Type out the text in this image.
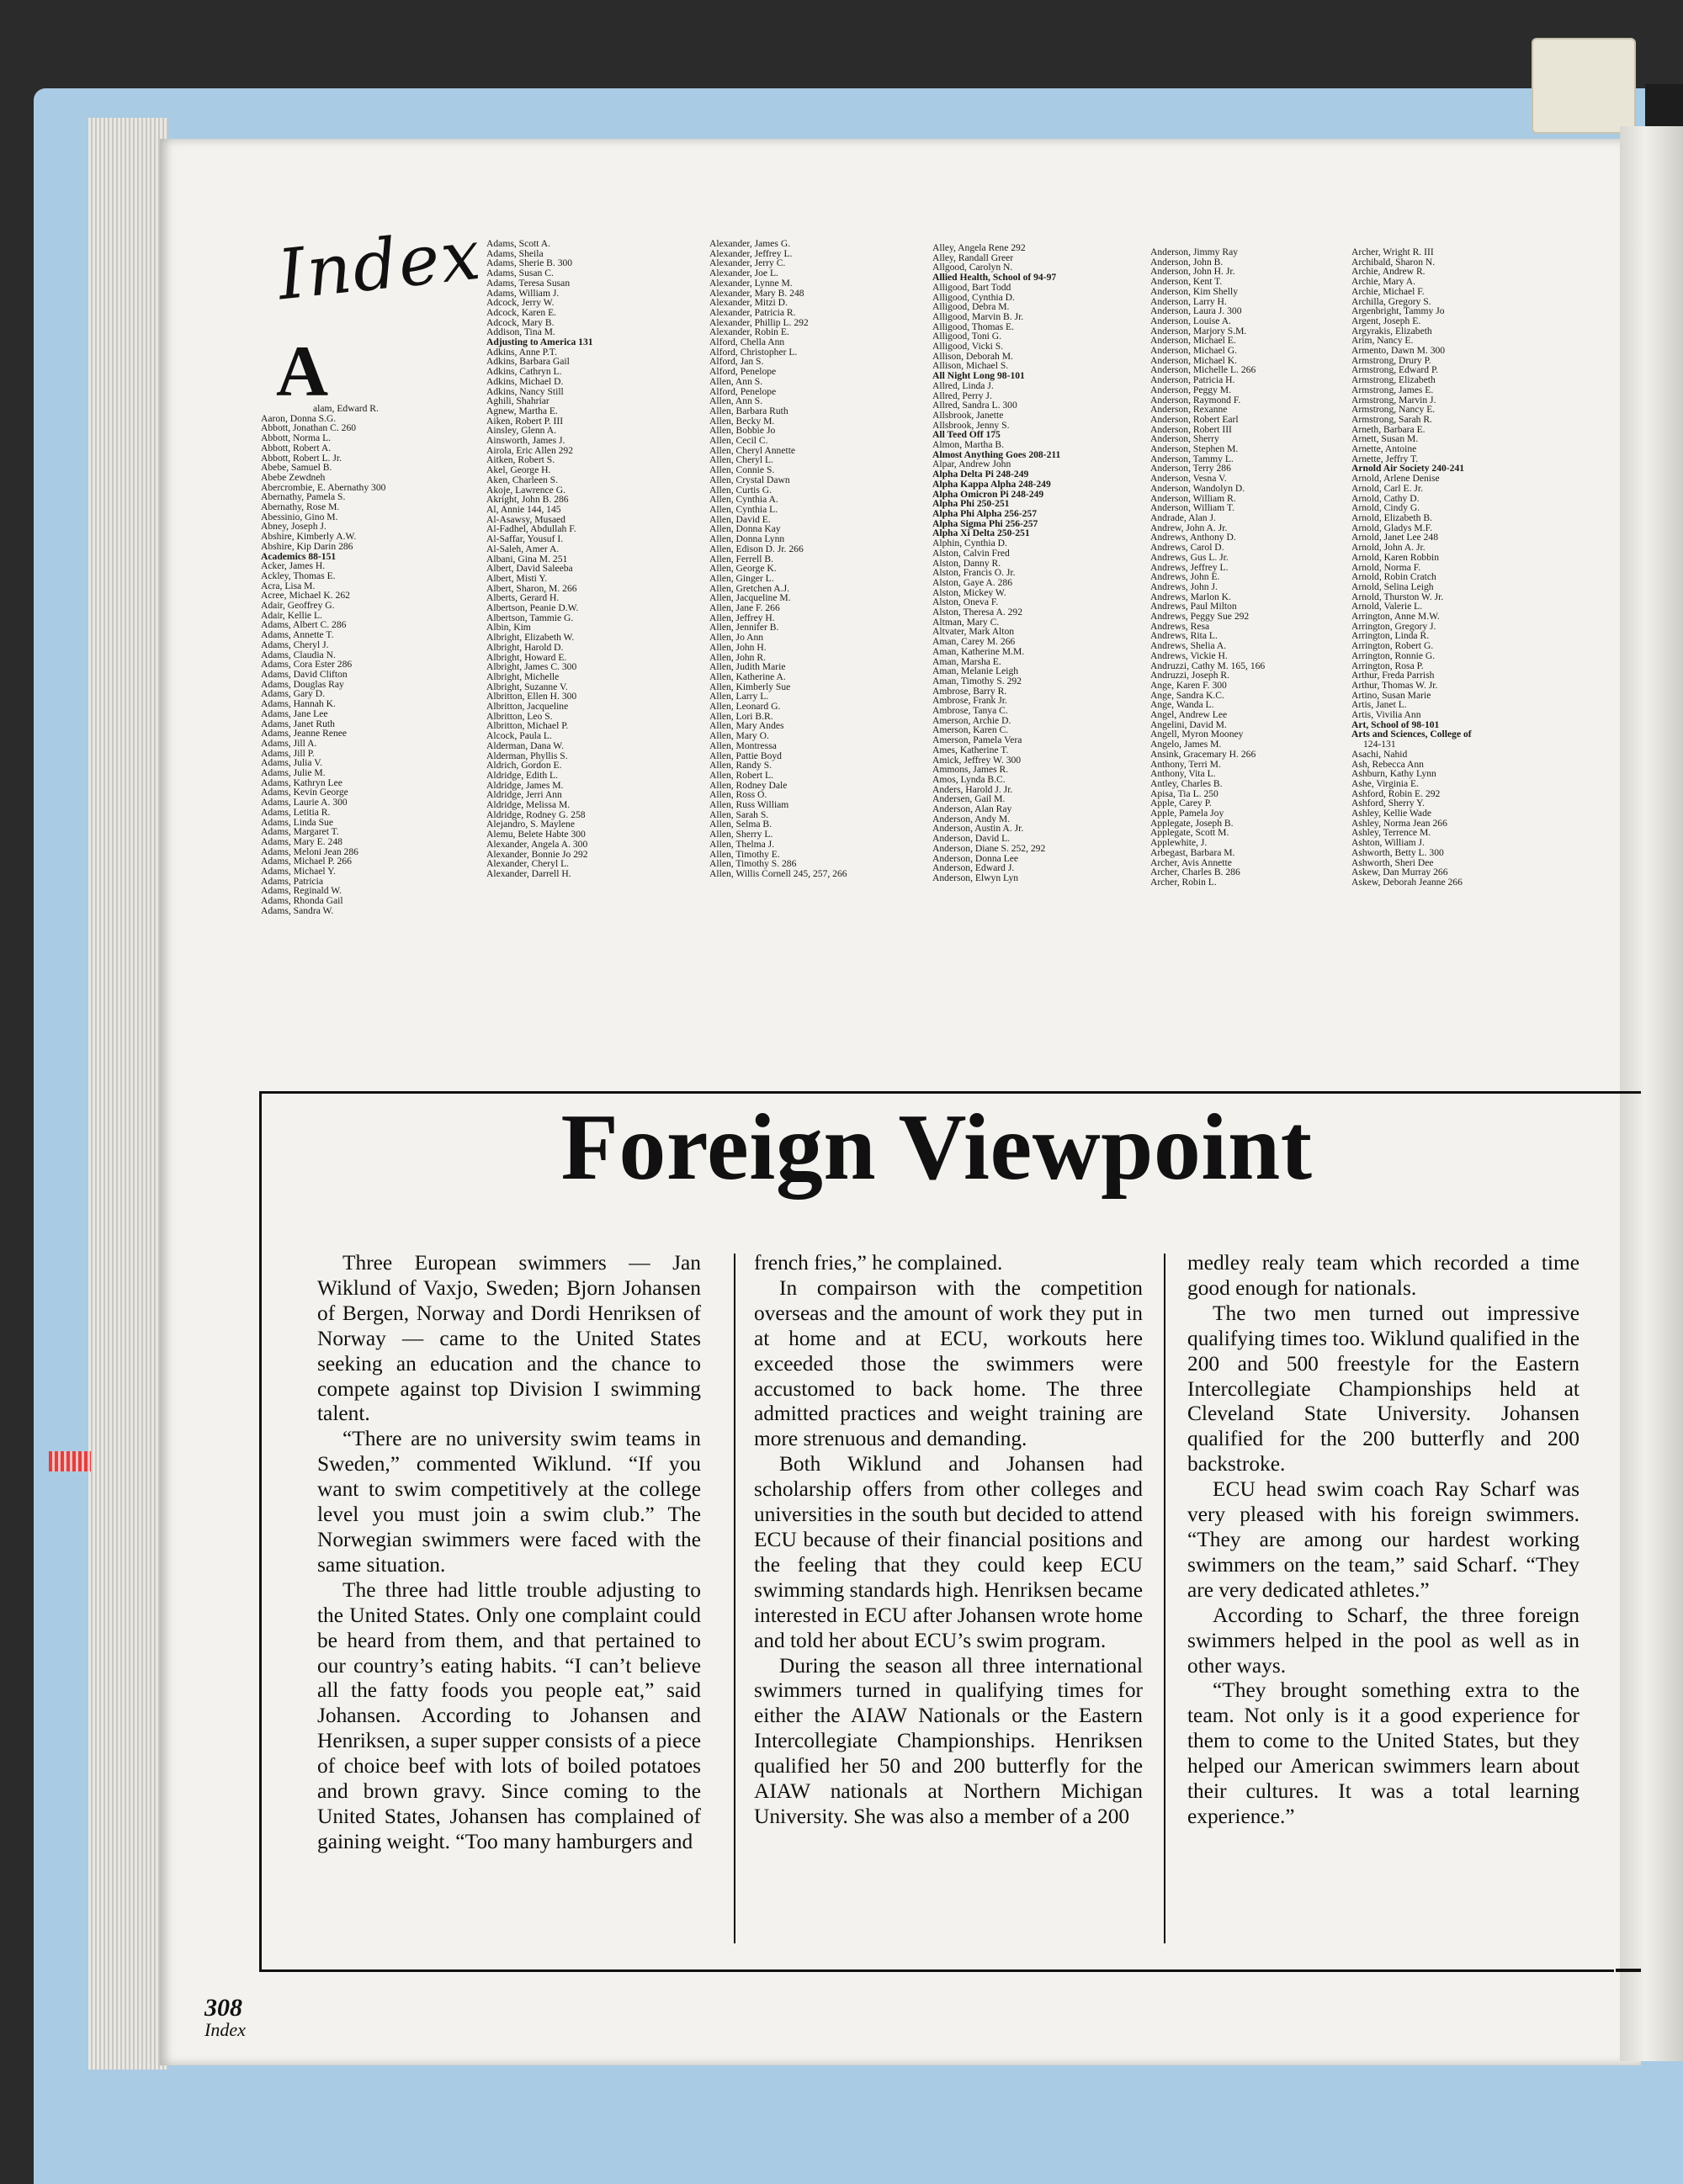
Index
A
alam, Edward R.
Aaron, Donna S.G.
Abbott, Jonathan C. 260
Abbott, Norma L.
Abbott, Robert A.
Abbott, Robert L. Jr.
Abebe, Samuel B.
Abebe Zewdneh
Abercrombie, E. Abernathy 300
Abernathy, Pamela S.
Abernathy, Rose M.
Abessinio, Gino M.
Abney, Joseph J.
Abshire, Kimberly A.W.
Abshire, Kip Darin 286
Academics 88-151
Acker, James H.
Ackley, Thomas E.
Acra, Lisa M.
Acree, Michael K. 262
Adair, Geoffrey G.
Adair, Kellie L.
Adams, Albert C. 286
Adams, Annette T.
Adams, Cheryl J.
Adams, Claudia N.
Adams, Cora Ester 286
Adams, David Clifton
Adams, Douglas Ray
Adams, Gary D.
Adams, Hannah K.
Adams, Jane Lee
Adams, Janet Ruth
Adams, Jeanne Renee
Adams, Jill A.
Adams, Jill P.
Adams, Julia V.
Adams, Julie M.
Adams, Kathryn Lee
Adams, Kevin George
Adams, Laurie A. 300
Adams, Letitia R.
Adams, Linda Sue
Adams, Margaret T.
Adams, Mary E. 248
Adams, Meloni Jean 286
Adams, Michael P. 266
Adams, Michael Y.
Adams, Patricia
Adams, Reginald W.
Adams, Rhonda Gail
Adams, Sandra W.
Adams, Scott A.
Adams, Sheila
Adams, Sherie B. 300
Adams, Susan C.
Adams, Teresa Susan
Adams, William J.
Adcock, Jerry W.
Adcock, Karen E.
Adcock, Mary B.
Addison, Tina M.
Adjusting to America 131
Adkins, Anne P.T.
Adkins, Barbara Gail
Adkins, Cathryn L.
Adkins, Michael D.
Adkins, Nancy Still
Aghili, Shahriar
Agnew, Martha E.
Aiken, Robert P. III
Ainsley, Glenn A.
Ainsworth, James J.
Airola, Eric Allen 292
Aitken, Robert S.
Akel, George H.
Aken, Charleen S.
Akoje, Lawrence G.
Akright, John B. 286
Al, Annie 144, 145
Al-Asawsy, Musaed
Al-Fadhel, Abdullah F.
Al-Saffar, Yousuf I.
Al-Saleh, Amer A.
Albani, Gina M. 251
Albert, David Saleeba
Albert, Misti Y.
Albert, Sharon, M. 266
Alberts, Gerard H.
Albertson, Peanie D.W.
Albertson, Tammie G.
Albin, Kim
Albright, Elizabeth W.
Albright, Harold D.
Albright, Howard E.
Albright, James C. 300
Albright, Michelle
Albright, Suzanne V.
Albritton, Ellen H. 300
Albritton, Jacqueline
Albritton, Leo S.
Albritton, Michael P.
Alcock, Paula L.
Alderman, Dana W.
Alderman, Phyllis S.
Aldrich, Gordon E.
Aldridge, Edith L.
Aldridge, James M.
Aldridge, Jerri Ann
Aldridge, Melissa M.
Aldridge, Rodney G. 258
Alejandro, S. Maylene
Alemu, Belete Habte 300
Alexander, Angela A. 300
Alexander, Bonnie Jo 292
Alexander, Cheryl L.
Alexander, Darrell H.
Alexander, James G.
Alexander, Jeffrey L.
Alexander, Jerry C.
Alexander, Joe L.
Alexander, Lynne M.
Alexander, Mary B. 248
Alexander, Mitzi D.
Alexander, Patricia R.
Alexander, Phillip L. 292
Alexander, Robin E.
Alford, Chella Ann
Alford, Christopher L.
Alford, Jan S.
Alford, Penelope
Allen, Ann S.
Alford, Penelope
Allen, Ann S.
Allen, Barbara Ruth
Allen, Becky M.
Allen, Bobbie Jo
Allen, Cecil C.
Allen, Cheryl Annette
Allen, Cheryl L.
Allen, Connie S.
Allen, Crystal Dawn
Allen, Curtis G.
Allen, Cynthia A.
Allen, Cynthia L.
Allen, David E.
Allen, Donna Kay
Allen, Donna Lynn
Allen, Edison D. Jr. 266
Allen, Ferrell B.
Allen, George K.
Allen, Ginger L.
Allen, Gretchen A.J.
Allen, Jacqueline M.
Allen, Jane F. 266
Allen, Jeffrey H.
Allen, Jennifer B.
Allen, Jo Ann
Allen, John H.
Allen, John R.
Allen, Judith Marie
Allen, Katherine A.
Allen, Kimberly Sue
Allen, Larry L.
Allen, Leonard G.
Allen, Lori B.R.
Allen, Mary Andes
Allen, Mary O.
Allen, Montressa
Allen, Pattie Boyd
Allen, Randy S.
Allen, Robert L.
Allen, Rodney Dale
Allen, Ross O.
Allen, Russ William
Allen, Sarah S.
Allen, Selma B.
Allen, Sherry L.
Allen, Thelma J.
Allen, Timothy E.
Allen, Timothy S. 286
Allen, Willis Cornell 245, 257, 266
Alley, Angela Rene 292
Alley, Randall Greer
Allgood, Carolyn N.
Allied Health, School of 94-97
Alligood, Bart Todd
Alligood, Cynthia D.
Alligood, Debra M.
Alligood, Marvin B. Jr.
Alligood, Thomas E.
Alligood, Toni G.
Alligood, Vicki S.
Allison, Deborah M.
Allison, Michael S.
All Night Long 98-101
Allred, Linda J.
Allred, Perry J.
Allred, Sandra L. 300
Allsbrook, Janette
Allsbrook, Jenny S.
All Teed Off 175
Almon, Martha B.
Almost Anything Goes 208-211
Alpar, Andrew John
Alpha Delta Pi 248-249
Alpha Kappa Alpha 248-249
Alpha Omicron Pi 248-249
Alpha Phi 250-251
Alpha Phi Alpha 256-257
Alpha Sigma Phi 256-257
Alpha Xi Delta 250-251
Alphin, Cynthia D.
Alston, Calvin Fred
Alston, Danny R.
Alston, Francis O. Jr.
Alston, Gaye A. 286
Alston, Mickey W.
Alston, Oneva F.
Alston, Theresa A. 292
Altman, Mary C.
Altvater, Mark Alton
Aman, Carey M. 266
Aman, Katherine M.M.
Aman, Marsha E.
Aman, Melanie Leigh
Aman, Timothy S. 292
Ambrose, Barry R.
Ambrose, Frank Jr.
Ambrose, Tanya C.
Amerson, Archie D.
Amerson, Karen C.
Amerson, Pamela Vera
Ames, Katherine T.
Amick, Jeffrey W. 300
Ammons, James R.
Amos, Lynda B.C.
Anders, Harold J. Jr.
Andersen, Gail M.
Anderson, Alan Ray
Anderson, Andy M.
Anderson, Austin A. Jr.
Anderson, David L.
Anderson, Diane S. 252, 292
Anderson, Donna Lee
Anderson, Edward J.
Anderson, Elwyn Lyn
Anderson, Jimmy Ray
Anderson, John B.
Anderson, John H. Jr.
Anderson, Kent T.
Anderson, Kim Shelly
Anderson, Larry H.
Anderson, Laura J. 300
Anderson, Louise A.
Anderson, Marjory S.M.
Anderson, Michael E.
Anderson, Michael G.
Anderson, Michael K.
Anderson, Michelle L. 266
Anderson, Patricia H.
Anderson, Peggy M.
Anderson, Raymond F.
Anderson, Rexanne
Anderson, Robert Earl
Anderson, Robert III
Anderson, Sherry
Anderson, Stephen M.
Anderson, Tammy L.
Anderson, Terry 286
Anderson, Vesna V.
Anderson, Wandolyn D.
Anderson, William R.
Anderson, William T.
Andrade, Alan J.
Andrew, John A. Jr.
Andrews, Anthony D.
Andrews, Carol D.
Andrews, Gus L. Jr.
Andrews, Jeffrey L.
Andrews, John E.
Andrews, John J.
Andrews, Marlon K.
Andrews, Paul Milton
Andrews, Peggy Sue 292
Andrews, Resa
Andrews, Rita L.
Andrews, Shelia A.
Andrews, Vickie H.
Andruzzi, Cathy M. 165, 166
Andruzzi, Joseph R.
Ange, Karen F. 300
Ange, Sandra K.C.
Ange, Wanda L.
Angel, Andrew Lee
Angelini, David M.
Angell, Myron Mooney
Angelo, James M.
Ansink, Gracemary H. 266
Anthony, Terri M.
Anthony, Vita L.
Antley, Charles B.
Apisa, Tia L. 250
Apple, Carey P.
Apple, Pamela Joy
Applegate, Joseph B.
Applegate, Scott M.
Applewhite, J.
Arbegast, Barbara M.
Archer, Avis Annette
Archer, Charles B. 286
Archer, Robin L.
Archer, Wright R. III
Archibald, Sharon N.
Archie, Andrew R.
Archie, Mary A.
Archie, Michael F.
Archilla, Gregory S.
Argenbright, Tammy Jo
Argent, Joseph E.
Argyrakis, Elizabeth
Arim, Nancy E.
Armento, Dawn M. 300
Armstrong, Drury P.
Armstrong, Edward P.
Armstrong, Elizabeth
Armstrong, James E.
Armstrong, Marvin J.
Armstrong, Nancy E.
Armstrong, Sarah R.
Arneth, Barbara E.
Arnett, Susan M.
Arnette, Antoine
Arnette, Jeffry T.
Arnold Air Society 240-241
Arnold, Arlene Denise
Arnold, Carl E. Jr.
Arnold, Cathy D.
Arnold, Cindy G.
Arnold, Elizabeth B.
Arnold, Gladys M.F.
Arnold, Janet Lee 248
Arnold, John A. Jr.
Arnold, Karen Robbin
Arnold, Norma F.
Arnold, Robin Cratch
Arnold, Selina Leigh
Arnold, Thurston W. Jr.
Arnold, Valerie L.
Arrington, Anne M.W.
Arrington, Gregory J.
Arrington, Linda R.
Arrington, Robert G.
Arrington, Ronnie G.
Arrington, Rosa P.
Arthur, Freda Parrish
Arthur, Thomas W. Jr.
Artino, Susan Marie
Artis, Janet L.
Artis, Vivilia Ann
Art, School of 98-101
Arts and Sciences, College of
124-131
Asachi, Nahid
Ash, Rebecca Ann
Ashburn, Kathy Lynn
Ashe, Virginia E.
Ashford, Robin E. 292
Ashford, Sherry Y.
Ashley, Kellie Wade
Ashley, Norma Jean 266
Ashley, Terrence M.
Ashton, William J.
Ashworth, Betty L. 300
Ashworth, Sheri Dee
Askew, Dan Murray 266
Askew, Deborah Jeanne 266
Foreign Viewpoint

Three European swimmers — Jan Wiklund of Vaxjo, Sweden; Bjorn Johansen of Bergen, Norway and Dordi Henriksen of Norway — came to the United States seeking an education and the chance to compete against top Division I swimming talent.

“There are no university swim teams in Sweden,” commented Wiklund. “If you want to swim competitively at the college level you must join a swim club.” The Norwegian swimmers were faced with the same situation.

The three had little trouble adjusting to the United States. Only one complaint could be heard from them, and that pertained to our country’s eating habits. “I can’t believe all the fatty foods you people eat,” said Johansen. According to Johansen and Henriksen, a super supper consists of a piece of choice beef with lots of boiled potatoes and brown gravy. Since coming to the United States, Johansen has complained of gaining weight. “Too many hamburgers and

french fries,” he complained.

In compairson with the competition overseas and the amount of work they put in at home and at ECU, workouts here exceeded those the swimmers were accustomed to back home. The three admitted practices and weight training are more strenuous and demanding.

Both Wiklund and Johansen had scholarship offers from other colleges and universities in the south but decided to attend ECU because of their financial positions and the feeling that they could keep ECU swimming standards high. Henriksen became interested in ECU after Johansen wrote home and told her about ECU’s swim program.

During the season all three international swimmers turned in qualifying times for either the AIAW Nationals or the Eastern Intercollegiate Championships. Henriksen qualified her 50 and 200 butterfly for the AIAW nationals at Northern Michigan University. She was also a member of a 200

medley realy team which recorded a time good enough for nationals.

The two men turned out impressive qualifying times too. Wiklund qualified in the 200 and 500 freestyle for the Eastern Intercollegiate Championships held at Cleveland State University. Johansen qualified for the 200 butterfly and 200 backstroke.

ECU head swim coach Ray Scharf was very pleased with his foreign swimmers. “They are among our hardest working swimmers on the team,” said Scharf. “They are very dedicated athletes.”

According to Scharf, the three foreign swimmers helped in the pool as well as in other ways.

“They brought something extra to the team. Not only is it a good experience for them to come to the United States, but they helped our American swimmers learn about their cultures. It was a total learning experience.”

308
Index
